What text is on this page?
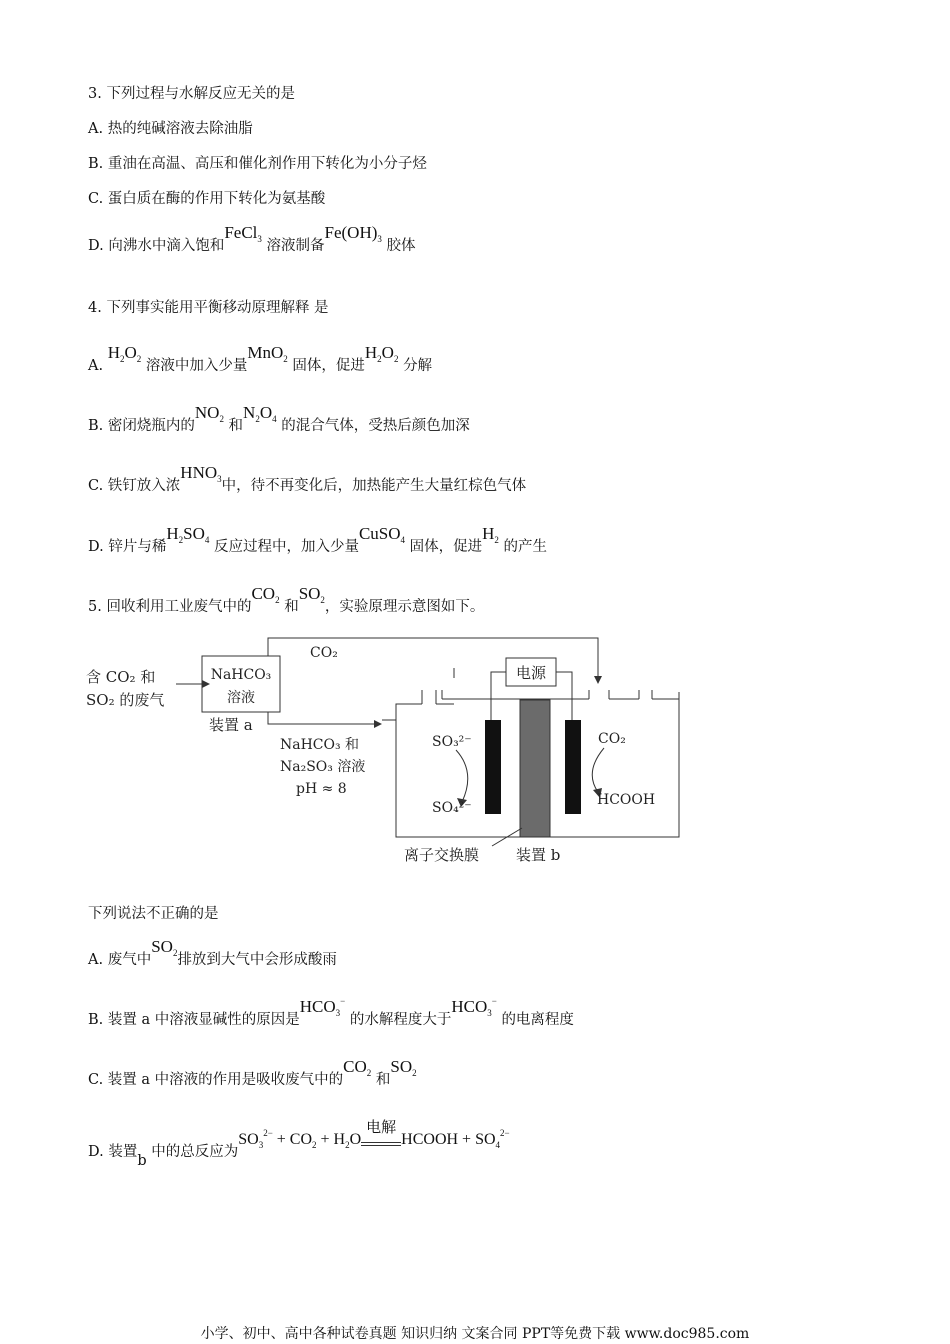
3. 下列过程与水解反应无关的是
A. 热的纯碱溶液去除油脂
B. 重油在高温、高压和催化剂作用下转化为小分子烃
C. 蛋白质在酶的作用下转化为氨基酸
D. 向沸水中滴入饱和FeCl$_3$ 溶液制备$Fe(OH)_3$ 胶体
4. 下列事实能用平衡移动原理解释 是
A. $H_2O_2$ 溶液中加入少量MnO$_2$ 固体，促进$H_2O_2$ 分解
B. 密闭烧瓶内的$NO_2$ 和$N_2O_4$ 的混合气体，受热后颜色加深
C. 铁钉放入浓$HNO_3$中，待不再变化后，加热能产生大量红棕色气体
D. 锌片与稀$H_2SO_4$ 反应过程中，加入少量CuSO$_4$ 固体，促进$H_2$ 的产生
5. 回收利用工业废气中的$CO_2$ 和$SO_2$，实验原理示意图如下。
含 CO₂ 和
SO₂ 的废气
NaHCO₃
溶液
装置 a
CO₂
NaHCO₃ 和
Na₂SO₃ 溶液
pH ≈ 8
电源
SO₃²⁻
SO₄²⁻
CO₂
HCOOH
离子交换膜 装置 b
下列说法不正确的是
A. 废气中$SO_2$排放到大气中会形成酸雨
B. 装置 a 中溶液显碱性的原因是$HCO_3^-$ 的水解程度大于$HCO_3^-$ 的电离程度
C. 装置 a 中溶液的作用是吸收废气中的$CO_2$ 和$SO_2$
D. 装置b 中的总反应为$SO_3^{2-} + CO_2 + H_2O$
电解
HCOOH + $SO_4^{2-}$
小学、初中、高中各种试卷真题 知识归纳 文案合同 PPT等免费下载 www.doc985.com
